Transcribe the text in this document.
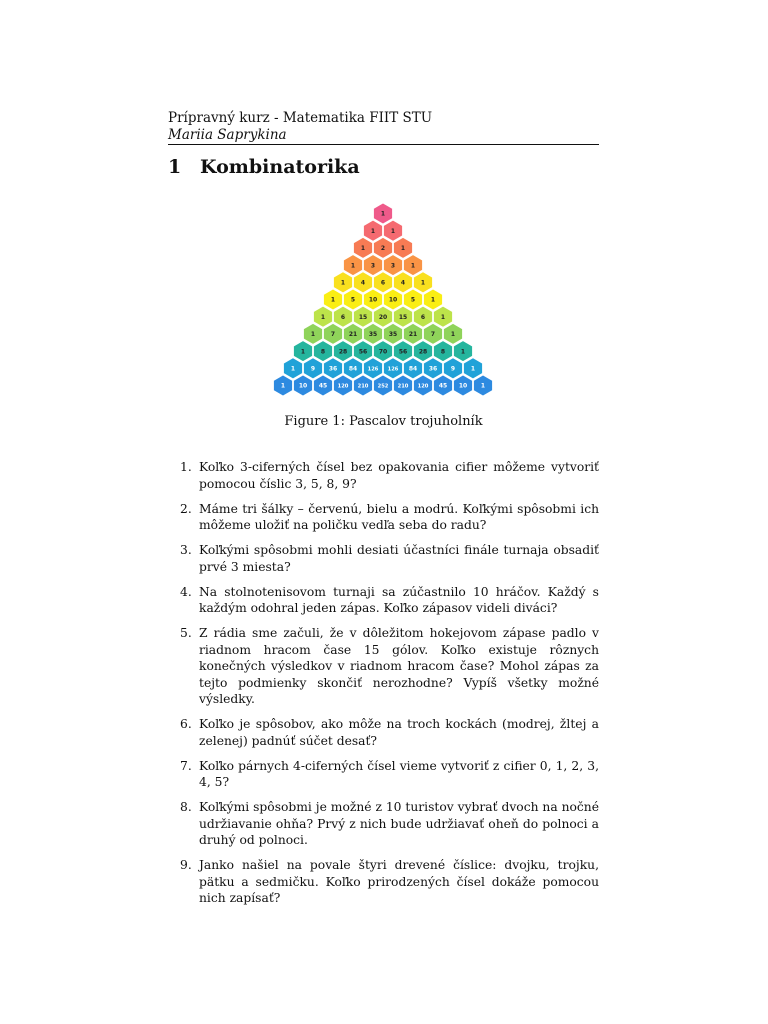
Prípravný kurz - Matematika FIIT STU
Mariia Saprykina
1 Kombinatorika
1
1	1
1	2	1
1	3	3	1
1	4	6	4	1
1	5 10 10 5	1
1	6 15 20 15 6	1
1	7 21 35 35 21 7	1
1	8 28 56 70 56 28 8	1
1	9 36 84 126 126 84 36 9	1
1 10 45 120 210 252 210 120 45 10 1
Figure 1: Pascalov trojuholník
1. Koľko 3-ciferných čísel bez opakovania cifier môžeme vytvoriť pomocou číslic 3, 5, 8, 9?
2. Máme tri šálky – červenú, bielu a modrú. Koľkými spôsobmi ich môžeme uložiť na poličku vedľa seba do radu?
3. Koľkými spôsobmi mohli desiati účastníci finále turnaja obsadiť prvé 3 miesta?
4. Na stolnotenisovom turnaji sa zúčastnilo 10 hráčov. Každý s každým odohral jeden zápas. Koľko zápasov videli diváci?
5. Z rádia sme začuli, že v dôležitom hokejovom zápase padlo v riadnom hracom čase 15 gólov. Koľko existuje rôznych konečných výsledkov v riadnom hracom čase? Mohol zápas za tejto podmienky skončiť nerozhodne? Vypíš všetky možné výsledky.
6. Koľko je spôsobov, ako môže na troch kockách (modrej, žltej a zelenej) padnúť súčet desať?
7. Koľko párnych 4-ciferných čísel vieme vytvoriť z cifier 0, 1, 2, 3, 4, 5?
8. Koľkými spôsobmi je možné z 10 turistov vybrať dvoch na nočné udržiavanie ohňa? Prvý z nich bude udržiavať oheň do polnoci a druhý od polnoci.
9. Janko našiel na povale štyri drevené číslice: dvojku, trojku, pätku a sedmičku. Koľko prirodzených čísel dokáže pomocou nich zapísať?
